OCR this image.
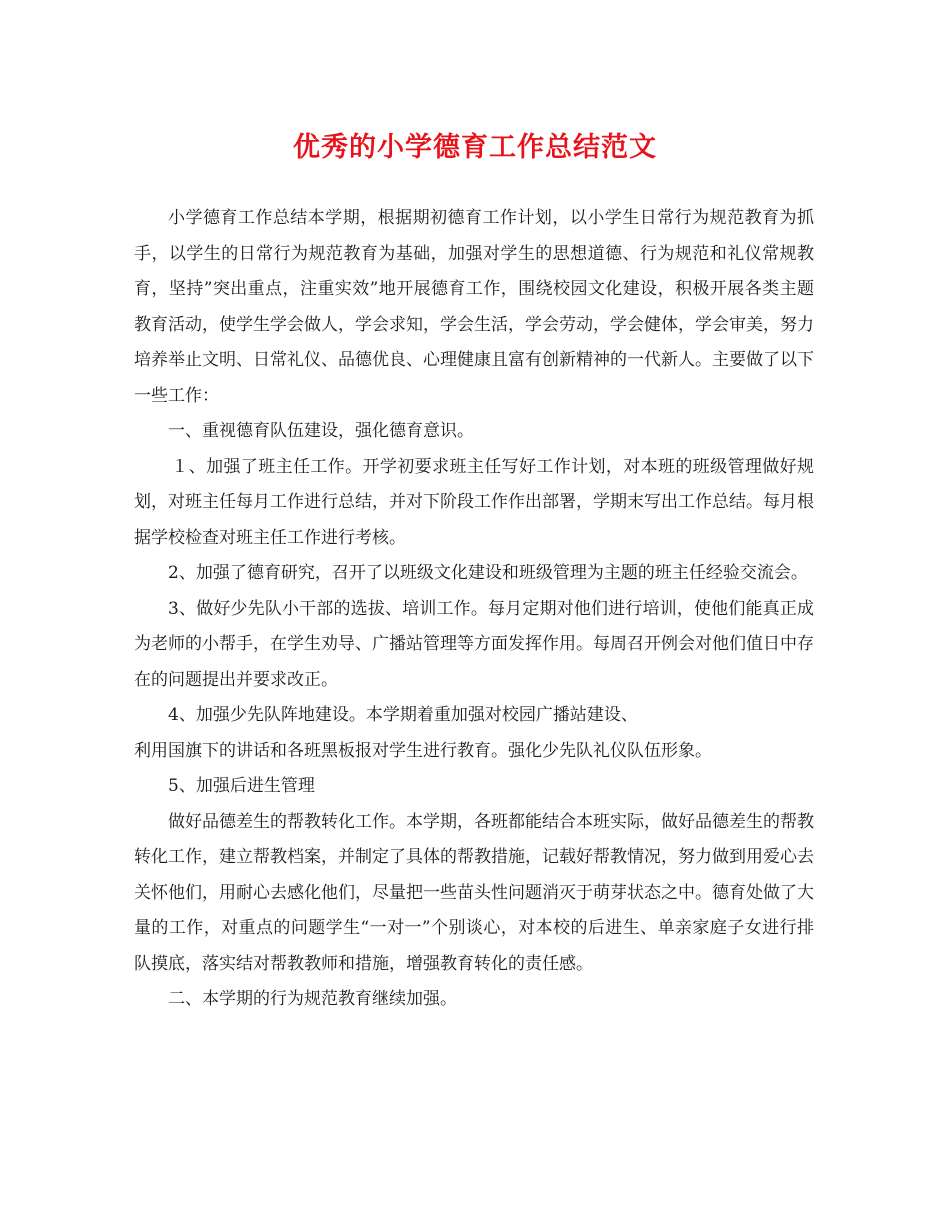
优秀的小学德育工作总结范文

小学德育工作总结本学期，根据期初德育工作计划，以小学生日常行为规范教育为抓手，以学生的日常行为规范教育为基础，加强对学生的思想道德、行为规范和礼仪常规教育，坚持”突出重点，注重实效”地开展德育工作，围绕校园文化建设，积极开展各类主题教育活动，使学生学会做人，学会求知，学会生活，学会劳动，学会健体，学会审美，努力培养举止文明、日常礼仪、品德优良、心理健康且富有创新精神的一代新人。主要做了以下一些工作：

一、重视德育队伍建设，强化德育意识。

１、加强了班主任工作。开学初要求班主任写好工作计划，对本班的班级管理做好规划，对班主任每月工作进行总结，并对下阶段工作作出部署，学期末写出工作总结。每月根据学校检查对班主任工作进行考核。

2、加强了德育研究，召开了以班级文化建设和班级管理为主题的班主任经验交流会。

3、做好少先队小干部的选拔、培训工作。每月定期对他们进行培训，使他们能真正成为老师的小帮手，在学生劝导、广播站管理等方面发挥作用。每周召开例会对他们值日中存在的问题提出并要求改正。

4、加强少先队阵地建设。本学期着重加强对校园广播站建设、

利用国旗下的讲话和各班黑板报对学生进行教育。强化少先队礼仪队伍形象。

5、加强后进生管理

做好品德差生的帮教转化工作。本学期，各班都能结合本班实际，做好品德差生的帮教转化工作，建立帮教档案，并制定了具体的帮教措施，记载好帮教情况，努力做到用爱心去关怀他们，用耐心去感化他们，尽量把一些苗头性问题消灭于萌芽状态之中。德育处做了大量的工作，对重点的问题学生“一对一”个别谈心，对本校的后进生、单亲家庭子女进行排队摸底，落实结对帮教教师和措施，增强教育转化的责任感。

二、本学期的行为规范教育继续加强。
